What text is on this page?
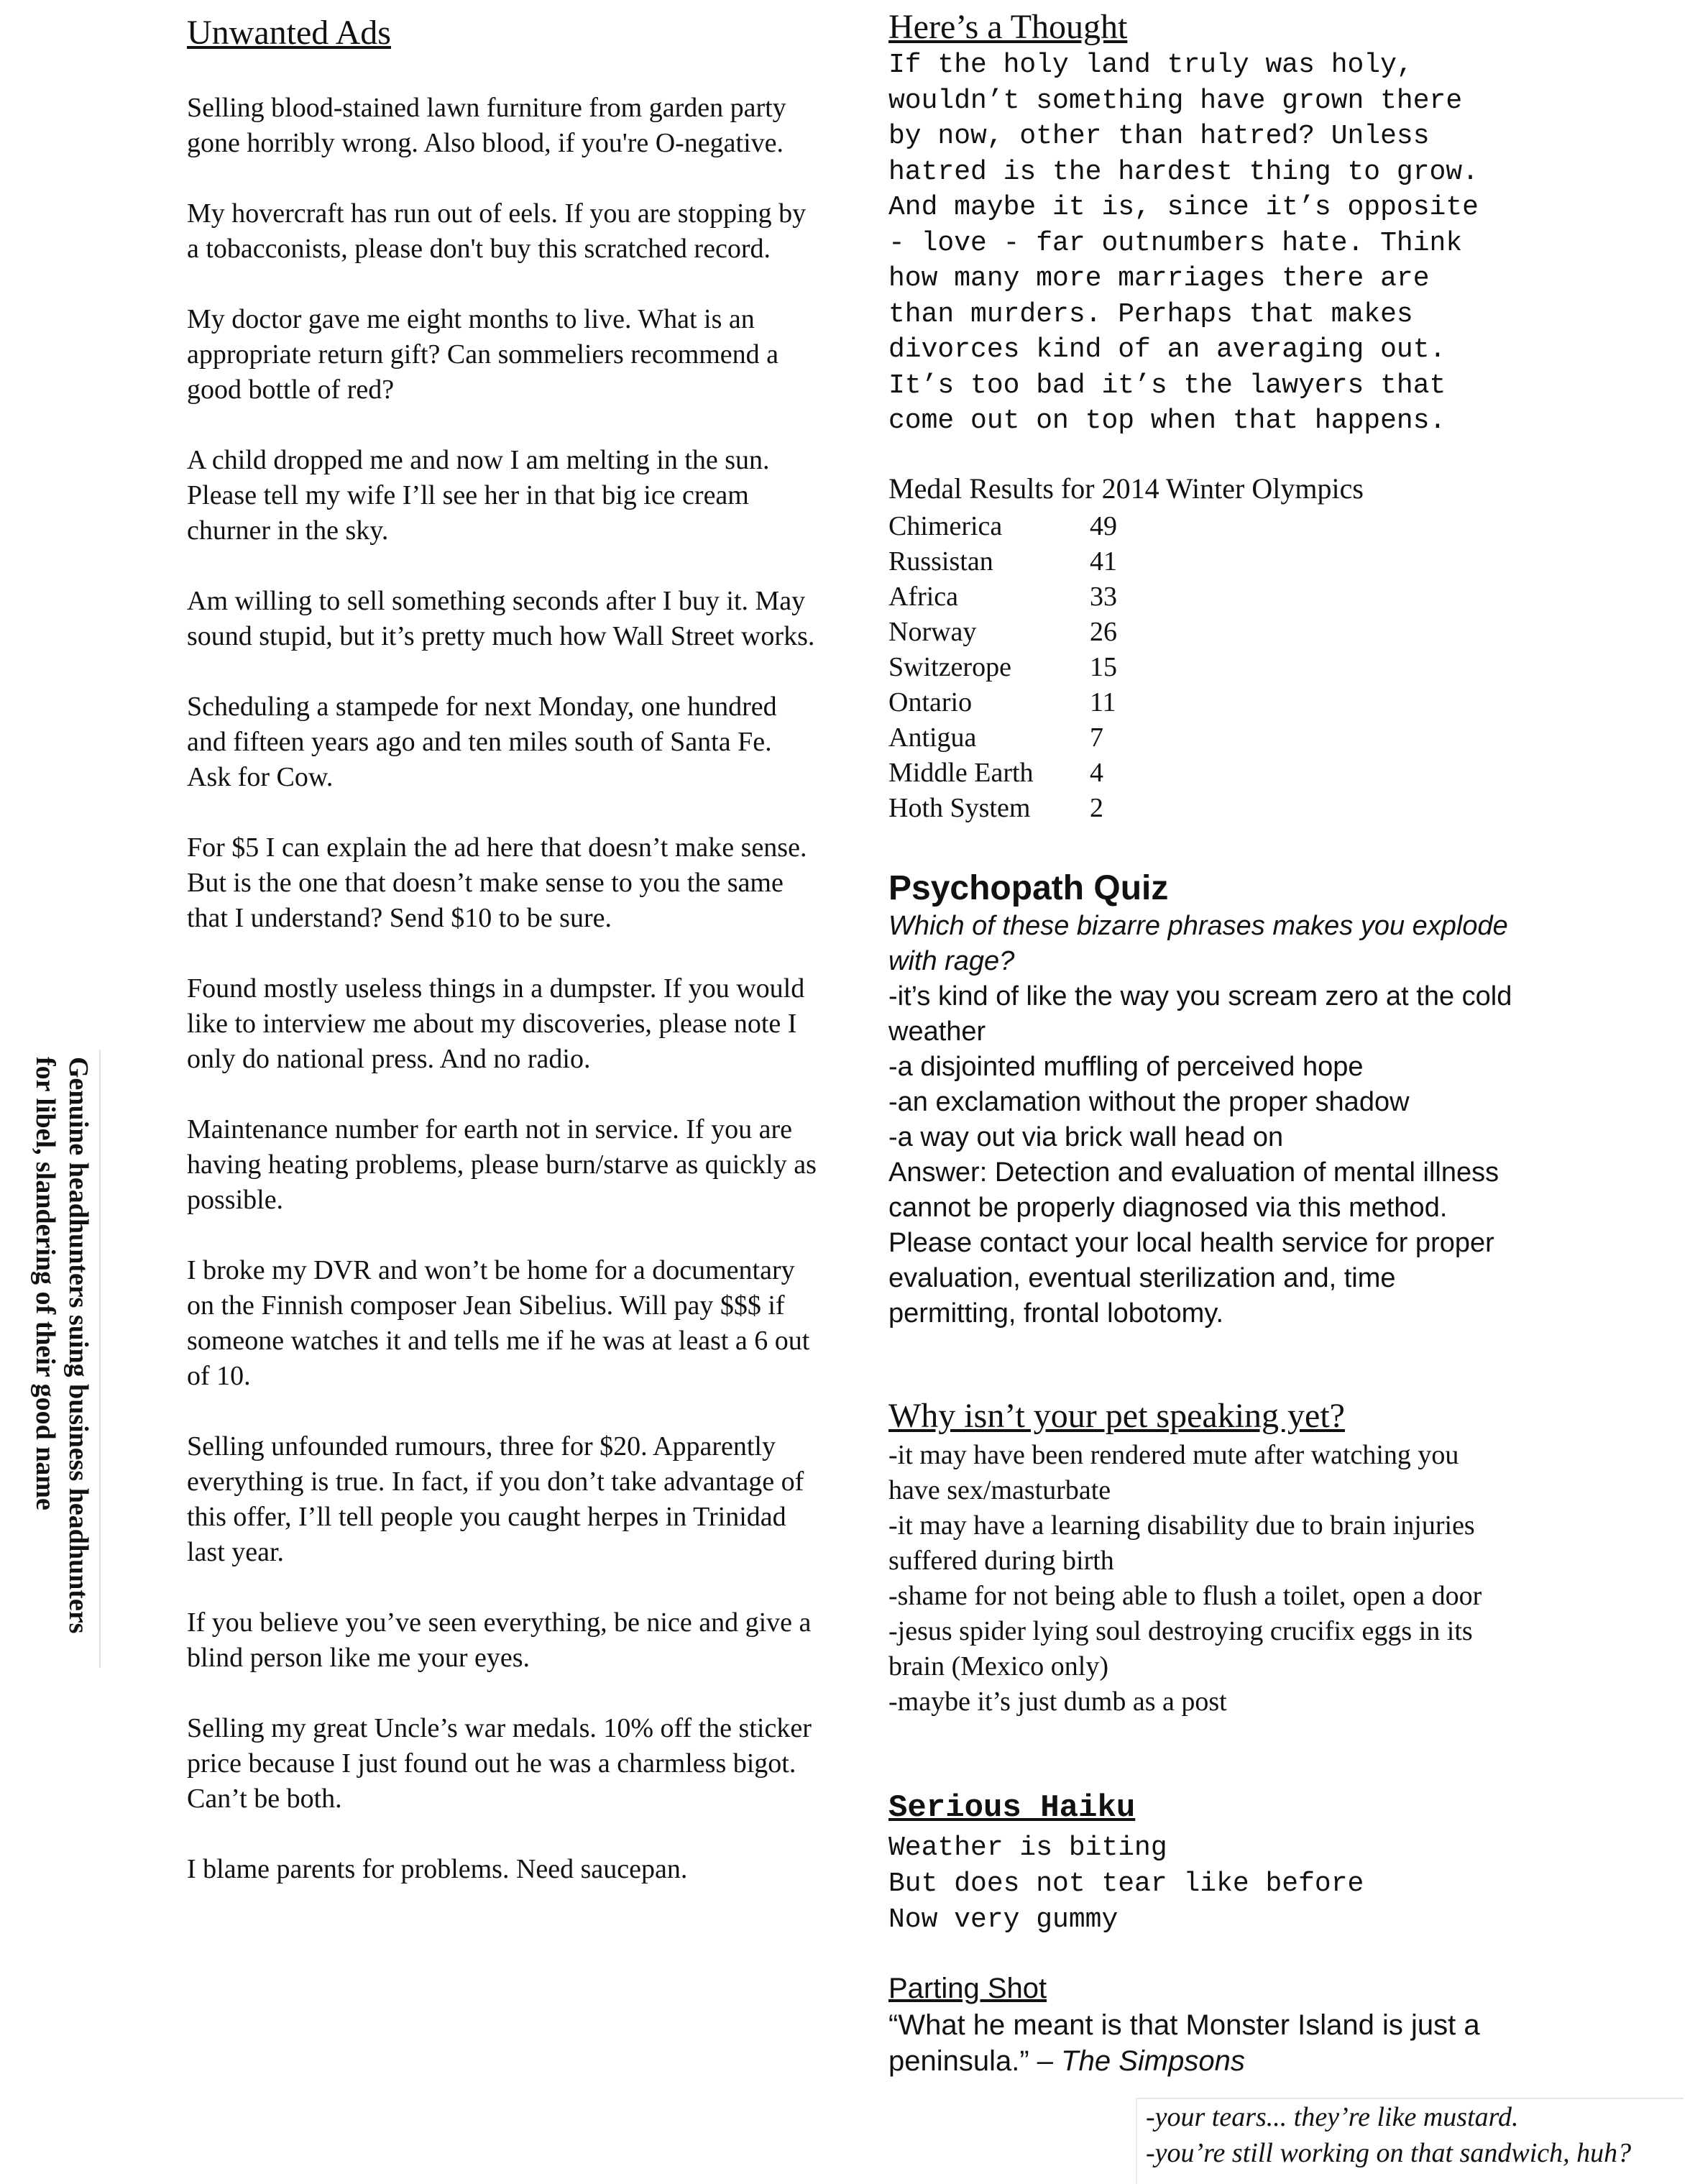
Genuine headhunters suing business headhunters for libel, slandering of their good name
Unwanted Ads

Selling blood-stained lawn furniture from garden party gone horribly wrong. Also blood, if you're O-negative.

My hovercraft has run out of eels. If you are stopping by a tobacconists, please don't buy this scratched record.

My doctor gave me eight months to live. What is an appropriate return gift? Can sommeliers recommend a good bottle of red?

A child dropped me and now I am melting in the sun. Please tell my wife I’ll see her in that big ice cream churner in the sky.

Am willing to sell something seconds after I buy it. May sound stupid, but it’s pretty much how Wall Street works.

Scheduling a stampede for next Monday, one hundred and fifteen years ago and ten miles south of Santa Fe. Ask for Cow.

For $5 I can explain the ad here that doesn’t make sense. But is the one that doesn’t make sense to you the same that I understand? Send $10 to be sure.

Found mostly useless things in a dumpster. If you would like to interview me about my discoveries, please note I only do national press. And no radio.

Maintenance number for earth not in service. If you are having heating problems, please burn/starve as quickly as possible.

I broke my DVR and won’t be home for a documentary on the Finnish composer Jean Sibelius. Will pay $$$ if someone watches it and tells me if he was at least a 6 out of 10.

Selling unfounded rumours, three for $20. Apparently everything is true. In fact, if you don’t take advantage of this offer, I’ll tell people you caught herpes in Trinidad last year.

If you believe you’ve seen everything, be nice and give a blind person like me your eyes.

Selling my great Uncle’s war medals. 10% off the sticker price because I just found out he was a charmless bigot. Can’t be both.

I blame parents for problems. Need saucepan.

Here’s a Thought
If the holy land truly was holy,
wouldn’t something have grown there
by now, other than hatred? Unless
hatred is the hardest thing to grow.
And maybe it is, since it’s opposite
- love - far outnumbers hate. Think
how many more marriages there are
than murders. Perhaps that makes
divorces kind of an averaging out.
It’s too bad it’s the lawyers that
come out on top when that happens.
Medal Results for 2014 Winter Olympics
Chimerica	49
Russistan	41
Africa	33
Norway	26
Switzerope	15
Ontario	11
Antigua	7
Middle Earth 4
Hoth System 2
Psychopath Quiz
Which of these bizarre phrases makes you explode with rage?
-it’s kind of like the way you scream zero at the cold weather
-a disjointed muffling of perceived hope
-an exclamation without the proper shadow
-a way out via brick wall head on
Answer: Detection and evaluation of mental illness cannot be properly diagnosed via this method. Please contact your local health service for proper evaluation, eventual sterilization and, time permitting, frontal lobotomy.
Why isn’t your pet speaking yet?
-it may have been rendered mute after watching you have sex/masturbate
-it may have a learning disability due to brain injuries suffered during birth
-shame for not being able to flush a toilet, open a door
-jesus spider lying soul destroying crucifix eggs in its brain (Mexico only)
-maybe it’s just dumb as a post
Serious Haiku
Weather is biting
But does not tear like before
Now very gummy
Parting Shot
“What he meant is that Monster Island is just a peninsula.” – The Simpsons
-your tears... they’re like mustard.
-you’re still working on that sandwich, huh?
